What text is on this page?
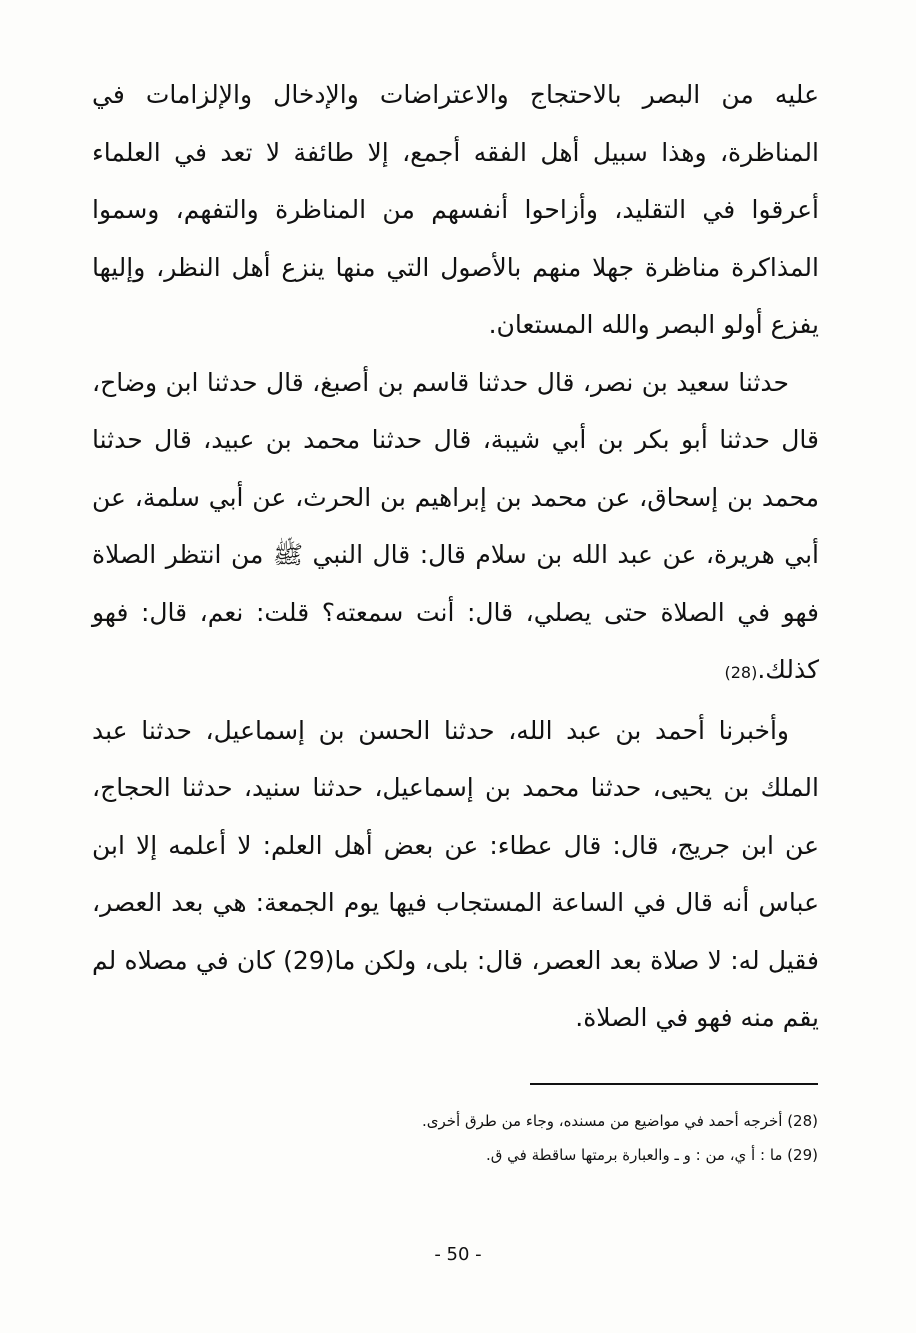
عليه من البصر بالاحتجاج والاعتراضات والإدخال والإلزامات في المناظرة، وهذا سبيل أهل الفقه أجمع، إلا طائفة لا تعد في العلماء أعرقوا في التقليد، وأزاحوا أنفسهم من المناظرة والتفهم، وسموا المذاكرة مناظرة جهلا منهم بالأصول التي منها ينزع أهل النظر، وإليها يفزع أولو البصر والله المستعان.

حدثنا سعيد بن نصر، قال حدثنا قاسم بن أصبغ، قال حدثنا ابن وضاح، قال حدثنا أبو بكر بن أبي شيبة، قال حدثنا محمد بن عبيد، قال حدثنا محمد بن إسحاق، عن محمد بن إبراهيم بن الحرث، عن أبي سلمة، عن أبي هريرة، عن عبد الله بن سلام قال: قال النبي ﷺ من انتظر الصلاة فهو في الصلاة حتى يصلي، قال: أنت سمعته؟ قلت: نعم، قال: فهو كذلك.(28)

وأخبرنا أحمد بن عبد الله، حدثنا الحسن بن إسماعيل، حدثنا عبد الملك بن يحيى، حدثنا محمد بن إسماعيل، حدثنا سنيد، حدثنا الحجاج، عن ابن جريج، قال: قال عطاء: عن بعض أهل العلم: لا أعلمه إلا ابن عباس أنه قال في الساعة المستجاب فيها يوم الجمعة: هي بعد العصر، فقيل له: لا صلاة بعد العصر، قال: بلى، ولكن ما(29) كان في مصلاه لم يقم منه فهو في الصلاة.

(28) أخرجه أحمد في مواضيع من مسنده، وجاء من طرق أخرى.

(29) ما : أ ي، من : و ـ والعبارة برمتها ساقطة في ق.

- 50 -
